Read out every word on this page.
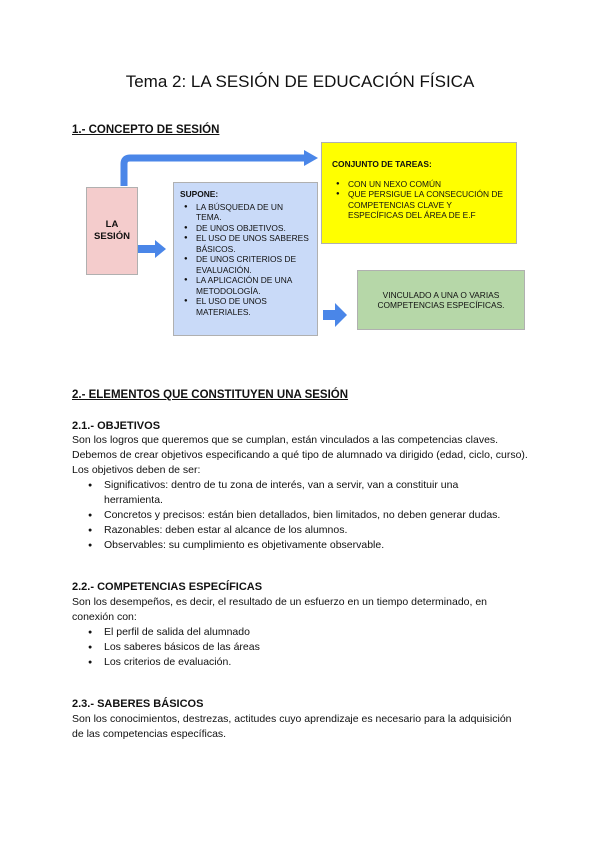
Tema 2: LA SESIÓN DE EDUCACIÓN FÍSICA
1.- CONCEPTO DE SESIÓN
LA SESIÓN
SUPONE:
● LA BÚSQUEDA DE UN TEMA.
● DE UNOS OBJETIVOS.
● EL USO DE UNOS SABERES BÁSICOS.
● DE UNOS CRITERIOS DE EVALUACIÓN.
● LA APLICACIÓN DE UNA METODOLOGÍA.
● EL USO DE UNOS MATERIALES.
CONJUNTO DE TAREAS:
● CON UN NEXO COMÚN
● QUE PERSIGUE LA CONSECUCIÓN DE COMPETENCIAS CLAVE Y ESPECÍFICAS DEL ÁREA DE E.F
VINCULADO A UNA O VARIAS COMPETENCIAS ESPECÍFICAS.
2.- ELEMENTOS QUE CONSTITUYEN UNA SESIÓN
2.1.- OBJETIVOS
Son los logros que queremos que se cumplan, están vinculados a las competencias claves. Debemos de crear objetivos especificando a qué tipo de alumnado va dirigido (edad, ciclo, curso). Los objetivos deben de ser:
● Significativos: dentro de tu zona de interés, van a servir, van a constituir una herramienta.
● Concretos y precisos: están bien detallados, bien limitados, no deben generar dudas.
● Razonables: deben estar al alcance de los alumnos.
● Observables: su cumplimiento es objetivamente observable.
2.2.- COMPETENCIAS ESPECÍFICAS
Son los desempeños, es decir, el resultado de un esfuerzo en un tiempo determinado, en conexión con:
● El perfil de salida del alumnado
● Los saberes básicos de las áreas
● Los criterios de evaluación.
2.3.- SABERES BÁSICOS
Son los conocimientos, destrezas, actitudes cuyo aprendizaje es necesario para la adquisición de las competencias específicas.
